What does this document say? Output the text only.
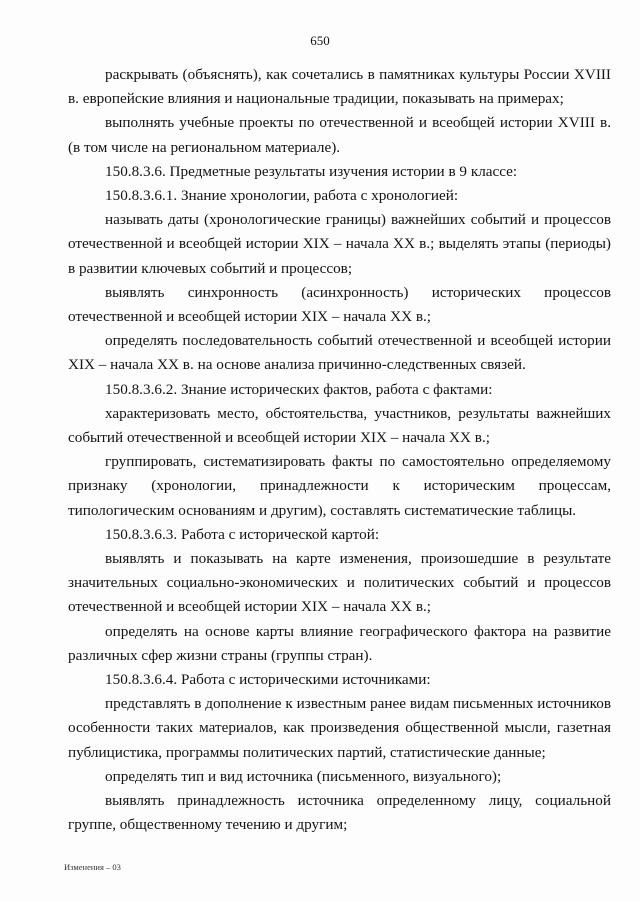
650

раскрывать (объяснять), как сочетались в памятниках культуры России XVIII в. европейские влияния и национальные традиции, показывать на примерах;

выполнять учебные проекты по отечественной и всеобщей истории XVIII в. (в том числе на региональном материале).

150.8.3.6. Предметные результаты изучения истории в 9 классе:

150.8.3.6.1. Знание хронологии, работа с хронологией:

называть даты (хронологические границы) важнейших событий и процессов отечественной и всеобщей истории XIX – начала XX в.; выделять этапы (периоды) в развитии ключевых событий и процессов;

выявлять синхронность (асинхронность) исторических процессов отечественной и всеобщей истории XIX – начала XX в.;

определять последовательность событий отечественной и всеобщей истории XIX – начала XX в. на основе анализа причинно-следственных связей.

150.8.3.6.2. Знание исторических фактов, работа с фактами:

характеризовать место, обстоятельства, участников, результаты важнейших событий отечественной и всеобщей истории XIX – начала XX в.;

группировать, систематизировать факты по самостоятельно определяемому признаку (хронологии, принадлежности к историческим процессам, типологическим основаниям и другим), составлять систематические таблицы.

150.8.3.6.3. Работа с исторической картой:

выявлять и показывать на карте изменения, произошедшие в результате значительных социально-экономических и политических событий и процессов отечественной и всеобщей истории XIX – начала XX в.;

определять на основе карты влияние географического фактора на развитие различных сфер жизни страны (группы стран).

150.8.3.6.4. Работа с историческими источниками:

представлять в дополнение к известным ранее видам письменных источников особенности таких материалов, как произведения общественной мысли, газетная публицистика, программы политических партий, статистические данные;

определять тип и вид источника (письменного, визуального);

выявлять принадлежность источника определенному лицу, социальной группе, общественному течению и другим;

Изменения – 03
